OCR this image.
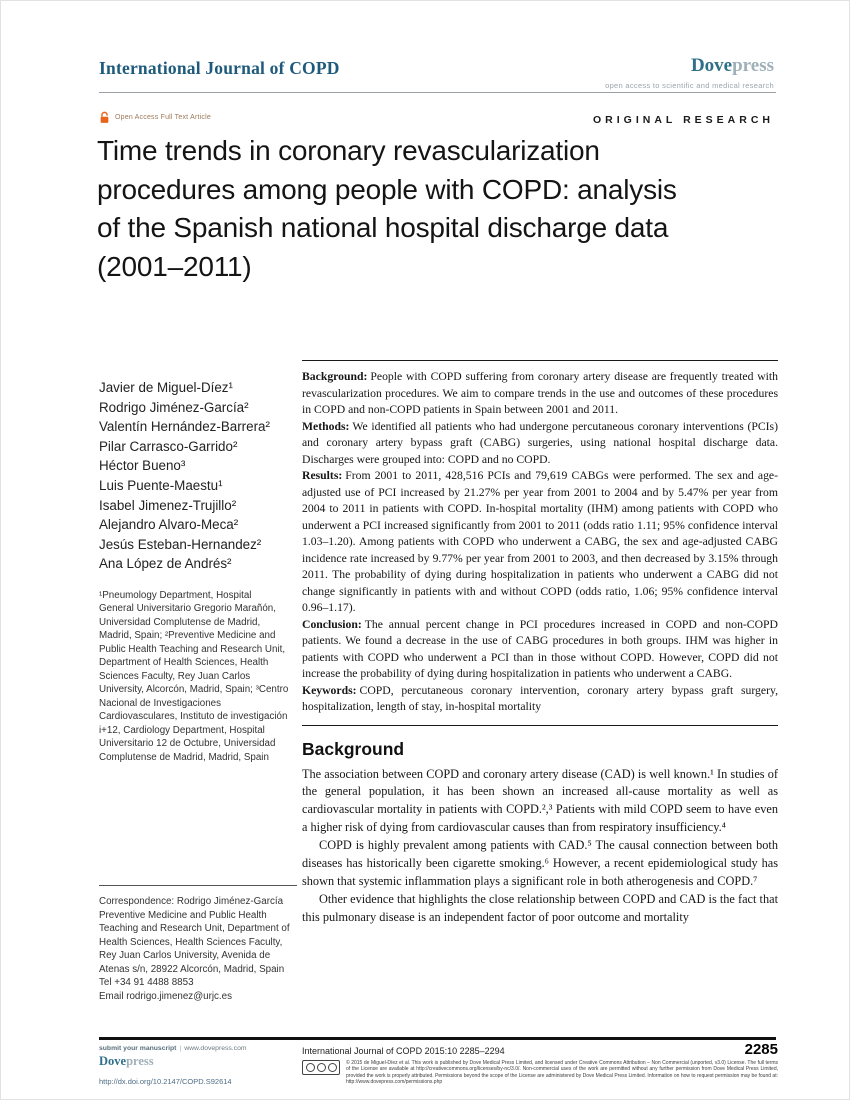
International Journal of COPD	Dovepress
open access to scientific and medical research
Open Access Full Text Article	ORIGINAL RESEARCH
Time trends in coronary revascularization
procedures among people with COPD: analysis
of the Spanish national hospital discharge data
(2001–2011)
Javier de Miguel-Díez¹
Rodrigo Jiménez-García²
Valentín Hernández-Barrera²
Pilar Carrasco-Garrido²
Héctor Bueno³
Luis Puente-Maestu¹
Isabel Jimenez-Trujillo²
Alejandro Alvaro-Meca²
Jesús Esteban-Hernandez²
Ana López de Andrés²
¹Pneumology Department, Hospital General Universitario Gregorio Marañón, Universidad Complutense de Madrid, Madrid, Spain; ²Preventive Medicine and Public Health Teaching and Research Unit, Department of Health Sciences, Health Sciences Faculty, Rey Juan Carlos University, Alcorcón, Madrid, Spain; ³Centro Nacional de Investigaciones Cardiovasculares, Instituto de investigación i+12, Cardiology Department, Hospital Universitario 12 de Octubre, Universidad Complutense de Madrid, Madrid, Spain
Correspondence: Rodrigo Jiménez-García
Preventive Medicine and Public Health Teaching and Research Unit, Department of Health Sciences, Health Sciences Faculty, Rey Juan Carlos University, Avenida de Atenas s/n, 28922 Alcorcón, Madrid, Spain
Tel +34 91 4488 8853
Email rodrigo.jimenez@urjc.es

Background: People with COPD suffering from coronary artery disease are frequently treated with revascularization procedures. We aim to compare trends in the use and outcomes of these procedures in COPD and non-COPD patients in Spain between 2001 and 2011.

Methods: We identified all patients who had undergone percutaneous coronary interventions (PCIs) and coronary artery bypass graft (CABG) surgeries, using national hospital discharge data. Discharges were grouped into: COPD and no COPD.

Results: From 2001 to 2011, 428,516 PCIs and 79,619 CABGs were performed. The sex and age-adjusted use of PCI increased by 21.27% per year from 2001 to 2004 and by 5.47% per year from 2004 to 2011 in patients with COPD. In-hospital mortality (IHM) among patients with COPD who underwent a PCI increased significantly from 2001 to 2011 (odds ratio 1.11; 95% confidence interval 1.03–1.20). Among patients with COPD who underwent a CABG, the sex and age-adjusted CABG incidence rate increased by 9.77% per year from 2001 to 2003, and then decreased by 3.15% through 2011. The probability of dying during hospitalization in patients who underwent a CABG did not change significantly in patients with and without COPD (odds ratio, 1.06; 95% confidence interval 0.96–1.17).

Conclusion: The annual percent change in PCI procedures increased in COPD and non-COPD patients. We found a decrease in the use of CABG procedures in both groups. IHM was higher in patients with COPD who underwent a PCI than in those without COPD. However, COPD did not increase the probability of dying during hospitalization in patients who underwent a CABG.

Keywords: COPD, percutaneous coronary intervention, coronary artery bypass graft surgery, hospitalization, length of stay, in-hospital mortality

Background

The association between COPD and coronary artery disease (CAD) is well known.¹ In studies of the general population, it has been shown an increased all-cause mortality as well as cardiovascular mortality in patients with COPD.²,³ Patients with mild COPD seem to have even a higher risk of dying from cardiovascular causes than from respiratory insufficiency.⁴

COPD is highly prevalent among patients with CAD.⁵ The causal connection between both diseases has historically been cigarette smoking.⁶ However, a recent epidemiological study has shown that systemic inflammation plays a significant role in both atherogenesis and COPD.⁷

Other evidence that highlights the close relationship between COPD and CAD is the fact that this pulmonary disease is an independent factor of poor outcome and mortality

submit your manuscript | www.dovepress.com
Dovepress
http://dx.doi.org/10.2147/COPD.S92614
International Journal of COPD 2015:10 2285–2294	2285
© 2015 de Miguel-Díez et al. This work is published by Dove Medical Press Limited, and licensed under Creative Commons Attribution – Non Commercial (unported, v3.0) License. The full terms of the License are available at http://creativecommons.org/licenses/by-nc/3.0/. Non-commercial uses of the work are permitted without any further permission from Dove Medical Press Limited, provided the work is properly attributed. Permissions beyond the scope of the License are administered by Dove Medical Press Limited. Information on how to request permission may be found at: http://www.dovepress.com/permissions.php
